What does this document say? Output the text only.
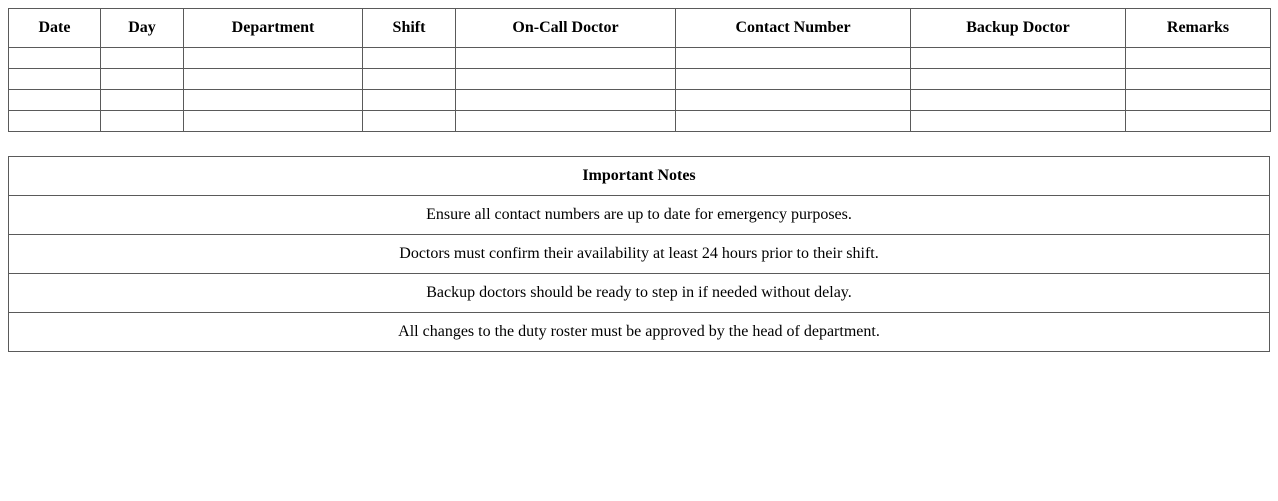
Date	Day	Department	Shift	On-Call Doctor	Contact Number	Backup Doctor	Remarks

Important Notes
Ensure all contact numbers are up to date for emergency purposes.
Doctors must confirm their availability at least 24 hours prior to their shift.
Backup doctors should be ready to step in if needed without delay.
All changes to the duty roster must be approved by the head of department.
